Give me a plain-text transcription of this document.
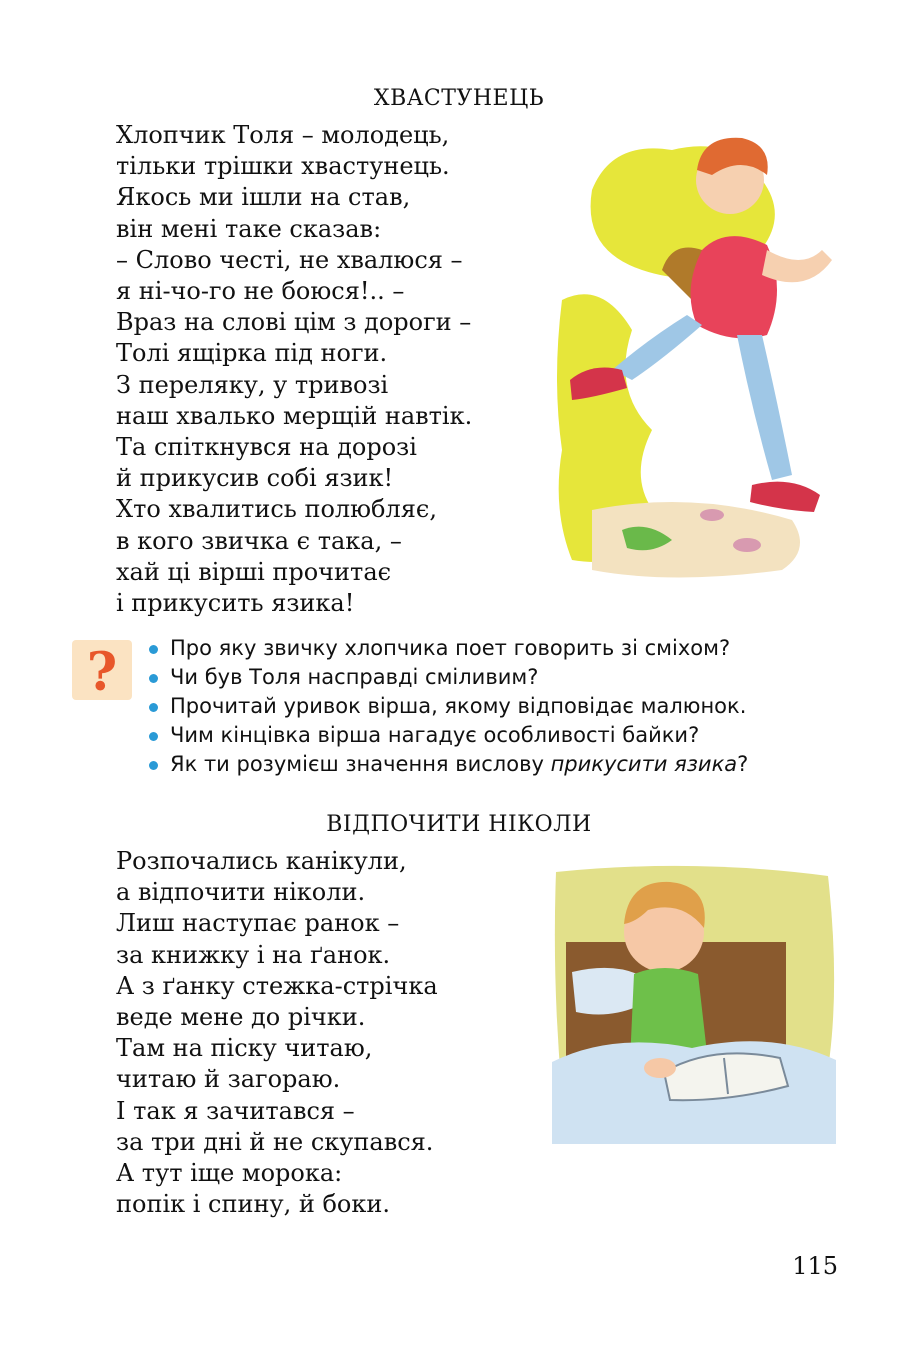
ХВАСТУНЕЦЬ
Хлопчик Толя – молодець,
тільки трішки хвастунець.
Якось ми ішли на став,
він мені таке сказав:
– Слово честі, не хвалюся –
я ні-чо-го не боюся!.. –
Враз на слові цім з дороги –
Толі ящірка під ноги.
З переляку, у тривозі
наш хвалько мерщій навтік.
Та спіткнувся на дорозі
й прикусив собі язик!
Хто хвалитись полюбляє,
в кого звичка є така, –
хай ці вірші прочитає
і прикусить язика!
?	Про яку звичку хлопчика поет говорить зі сміхом?
Чи був Толя насправді сміливим?
Прочитай уривок вірша, якому відповідає малюнок.
Чим кінцівка вірша нагадує особливості байки?
Як ти розумієш значення вислову прикусити язика?
ВІДПОЧИТИ НІКОЛИ
Розпочались канікули,
а відпочити ніколи.
Лиш наступає ранок –
за книжку і на ґанок.
А з ґанку стежка-стрічка
веде мене до річки.
Там на піску читаю,
читаю й загораю.
І так я зачитався –
за три дні й не скупався.
А тут іще морока:
попік і спину, й боки.
115
